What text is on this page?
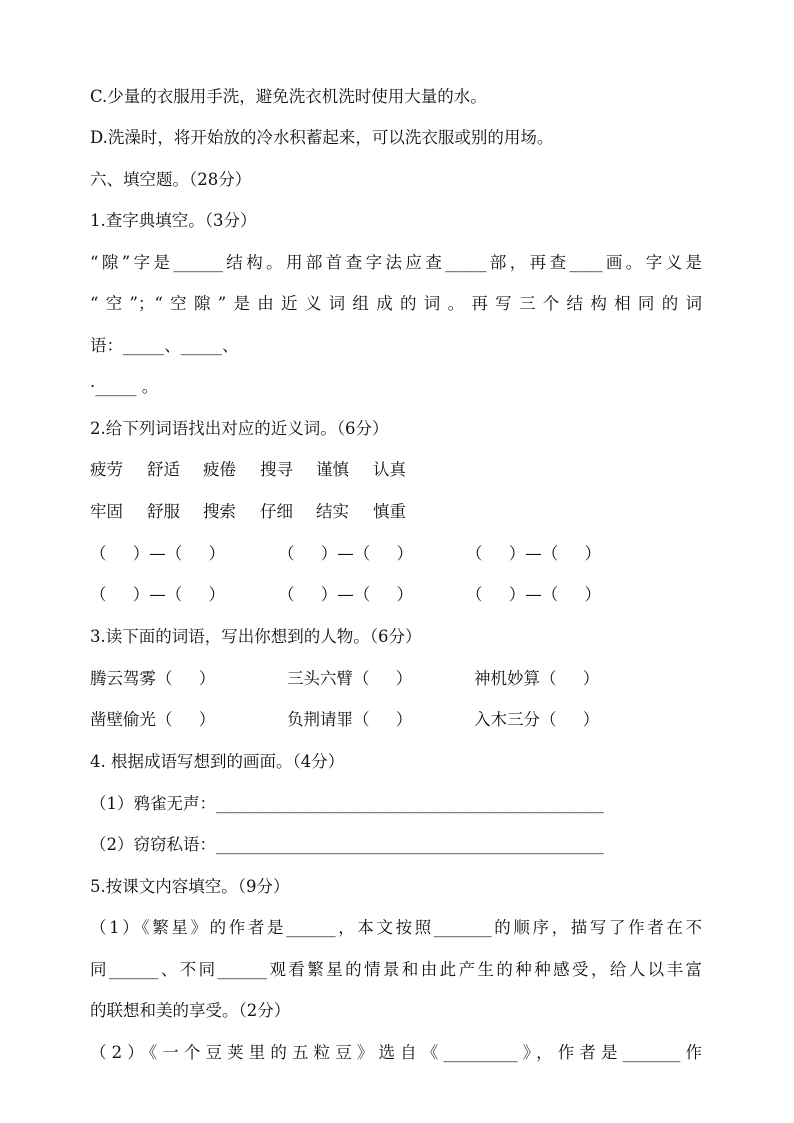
C.少量的衣服用手洗，避免洗衣机洗时使用大量的水。
D.洗澡时，将开始放的冷水积蓄起来，可以洗衣服或别的用场。
六、填空题。（28分）
1.查字典填空。（3分）
“隙”字是______结构。用部首查字法应查_____部，再查____画。字义是
“空”；“空隙”是由近义词组成的词。再写三个结构相同的词
语：_____、_____、
·_____ 。
2.给下列词语找出对应的近义词。（6分）
疲劳 舒适 疲倦 搜寻 谨慎 认真
牢固 舒服 搜索 仔细 结实 慎重
（     ）—（     ）	（     ）—（     ）	（     ）—（     ）
（     ）—（     ）	（     ）—（     ）	（     ）—（     ）
3.读下面的词语，写出你想到的人物。（6分）
腾云驾雾（     ）	三头六臂（     ）	神机妙算（     ）
凿壁偷光（     ）	负荆请罪（     ）	入木三分（     ）
4. 根据成语写想到的画面。（4分）
（1）鸦雀无声：_______________________________________________
（2）窃窃私语：_______________________________________________
5.按课文内容填空。（9分）
（1）《繁星》的作者是______，本文按照_______的顺序，描写了作者在不
同______、不同______观看繁星的情景和由此产生的种种感受，给人以丰富
的联想和美的享受。（2分）
（2）《一个豆荚里的五粒豆》选自《_________》，作者是_______作
